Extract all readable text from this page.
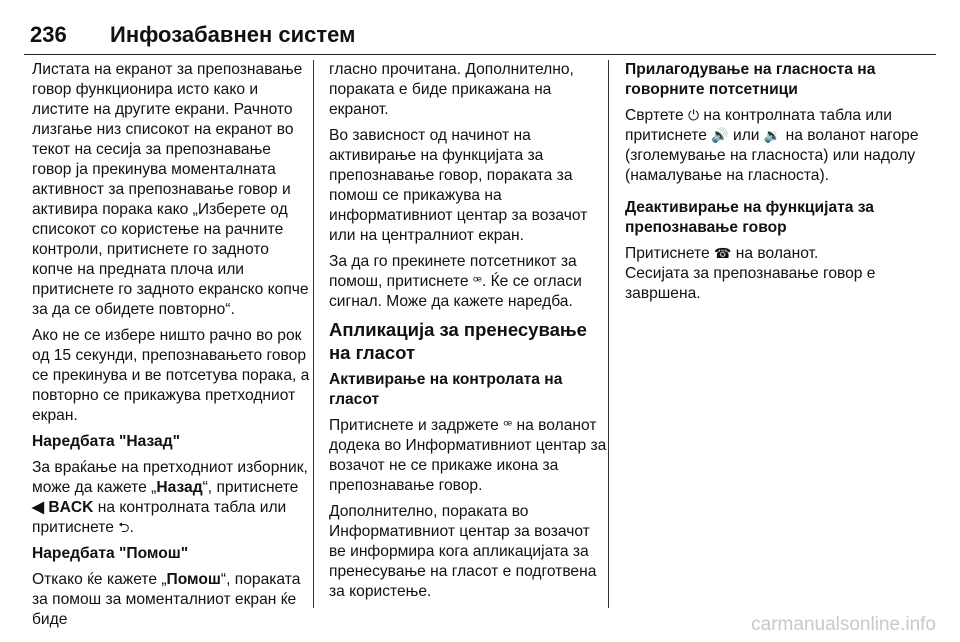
236 Инфозабавнен систем

Листата на екранот за препознавање говор функционира исто како и листите на другите екрани. Рачното лизгање низ списокот на екранот во текот на сесија за препознавање говор ја прекинува моменталната активност за препознавање говор и активира порака како „Изберете од списокот со користење на рачните контроли, притиснете го задното копче на предната плоча или притиснете го задното екранско копче за да се обидете повторно“.

Ако не се избере ништо рачно во рок од 15 секунди, препознавањето говор се прекинува и ве потсетува порака, а повторно се прикажува претходниот екран.

Наредбата "Назад"

За враќање на претходниот изборник, може да кажете „Назад“, притиснете ◀ BACK на контролната табла или притиснете ⮌.

Наредбата "Помош"

Откако ќе кажете „Помош“, пораката за помош за моменталниот екран ќе биде

гласно прочитана. Дополнително, пораката е биде прикажана на екранот.

Во зависност од начинот на активирање на функцијата за препознавање говор, пораката за помош се прикажува на информативниот центар за возачот или на централниот екран.

За да го прекинете потсетникот за помош, притиснете ꟹ. Ќе се огласи сигнал. Може да кажете наредба.

Апликација за пренесување на гласот

Активирање на контролата на гласот

Притиснете и задржете ꟹ на воланот додека во Информативниот центар за возачот не се прикаже икона за препознавање говор.

Дополнително, пораката во Информативниот центар за возачот ве информира кога апликацијата за пренесување на гласот е подготвена за користење.

Прилагодување на гласноста на говорните потсетници

Свртете ⏻ на контролната табла или притиснете 🔊 или 🔉 на воланот нагоре (зголемување на гласноста) или надолу (намалување на гласноста).

Деактивирање на функцијата за препознавање говор

Притиснете ☎ на воланот.

Сесијата за препознавање говор е завршена.

carmanualsonline.info
